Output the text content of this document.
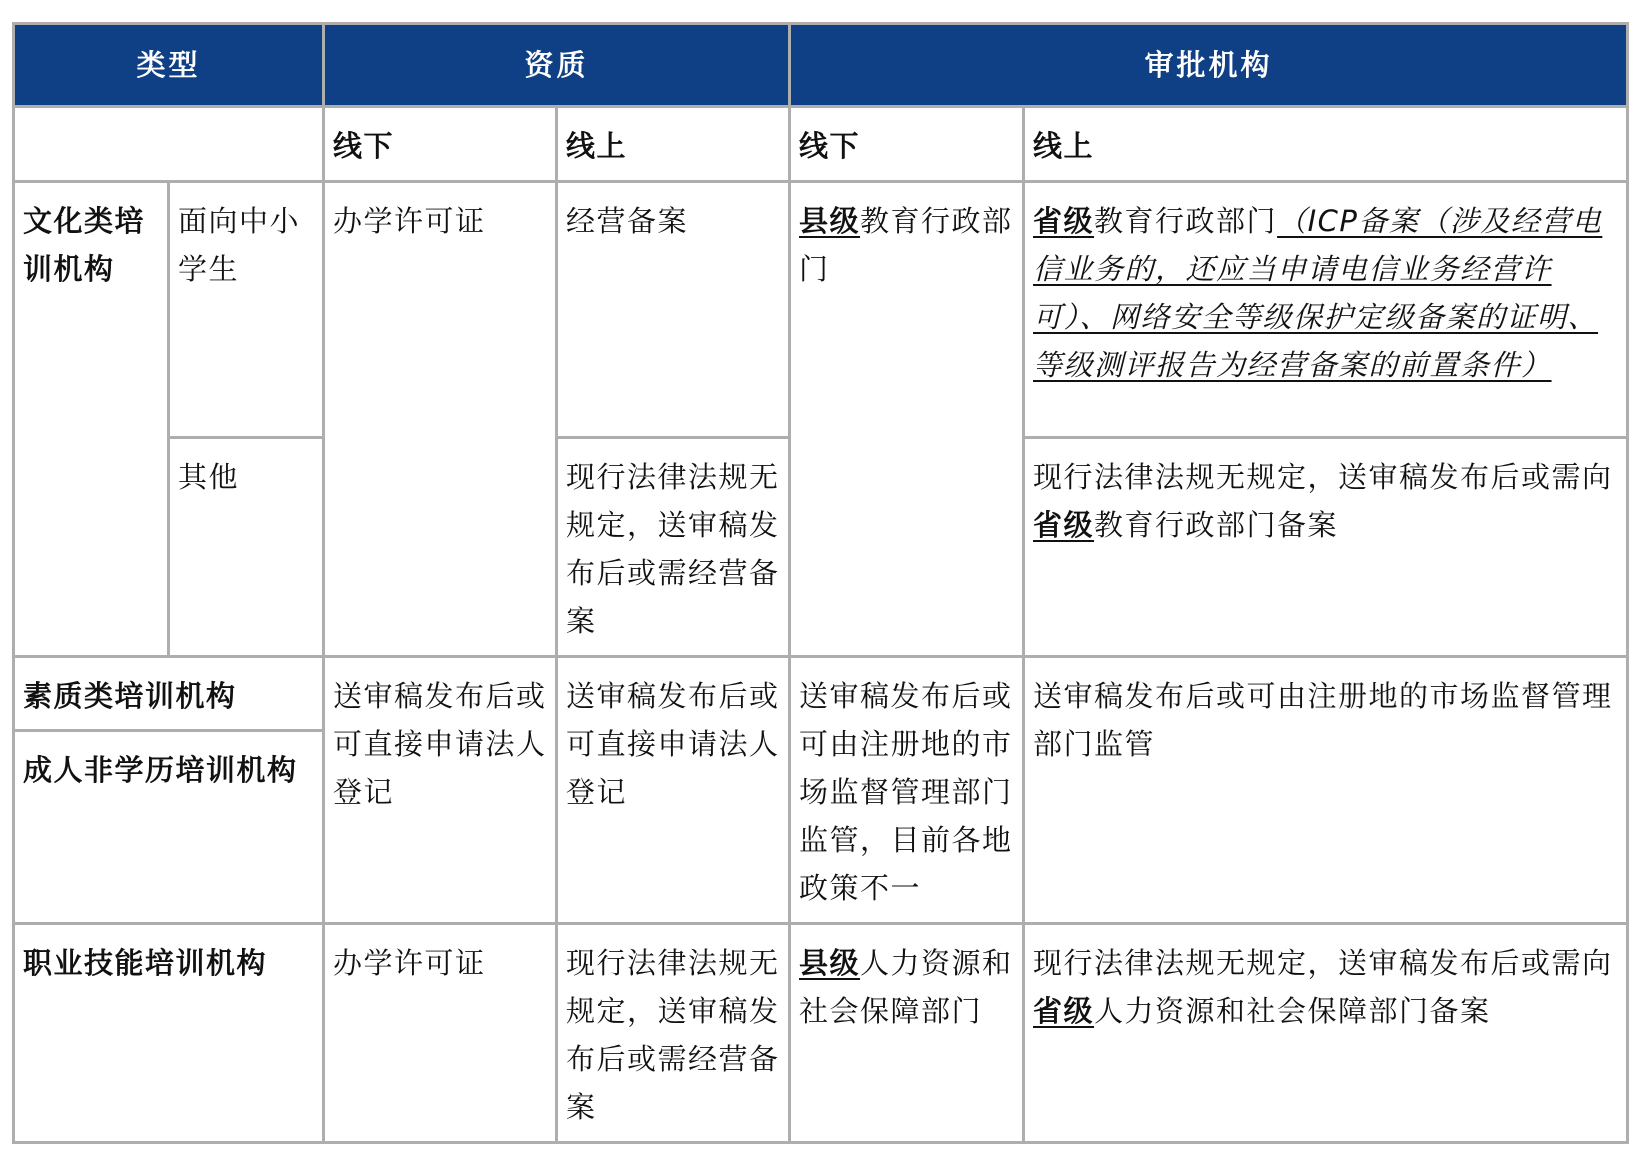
类型		资质		审批机构	
		线下	线上	线下	线上
文化类培训机构	面向中小学生	办学许可证	经营备案	县级教育行政部门	省级教育行政部门（ICP备案（涉及经营电信业务的，还应当申请电信业务经营许可）、网络安全等级保护定级备案的证明、等级测评报告为经营备案的前置条件）
	其他		现行法律法规无规定，送审稿发布后或需经营备案		现行法律法规无规定，送审稿发布后或需向省级教育行政部门备案

素质类培训机构
成人非学历培训机构		送审稿发布后或可直接申请法人登记	送审稿发布后或可直接申请法人登记	送审稿发布后或可由注册地的市场监督管理部门监管，目前各地政策不一	送审稿发布后或可由注册地的市场监督管理部门监管
职业技能培训机构		办学许可证	现行法律法规无规定，送审稿发布后或需经营备案	县级人力资源和社会保障部门	现行法律法规无规定，送审稿发布后或需向省级人力资源和社会保障部门备案
